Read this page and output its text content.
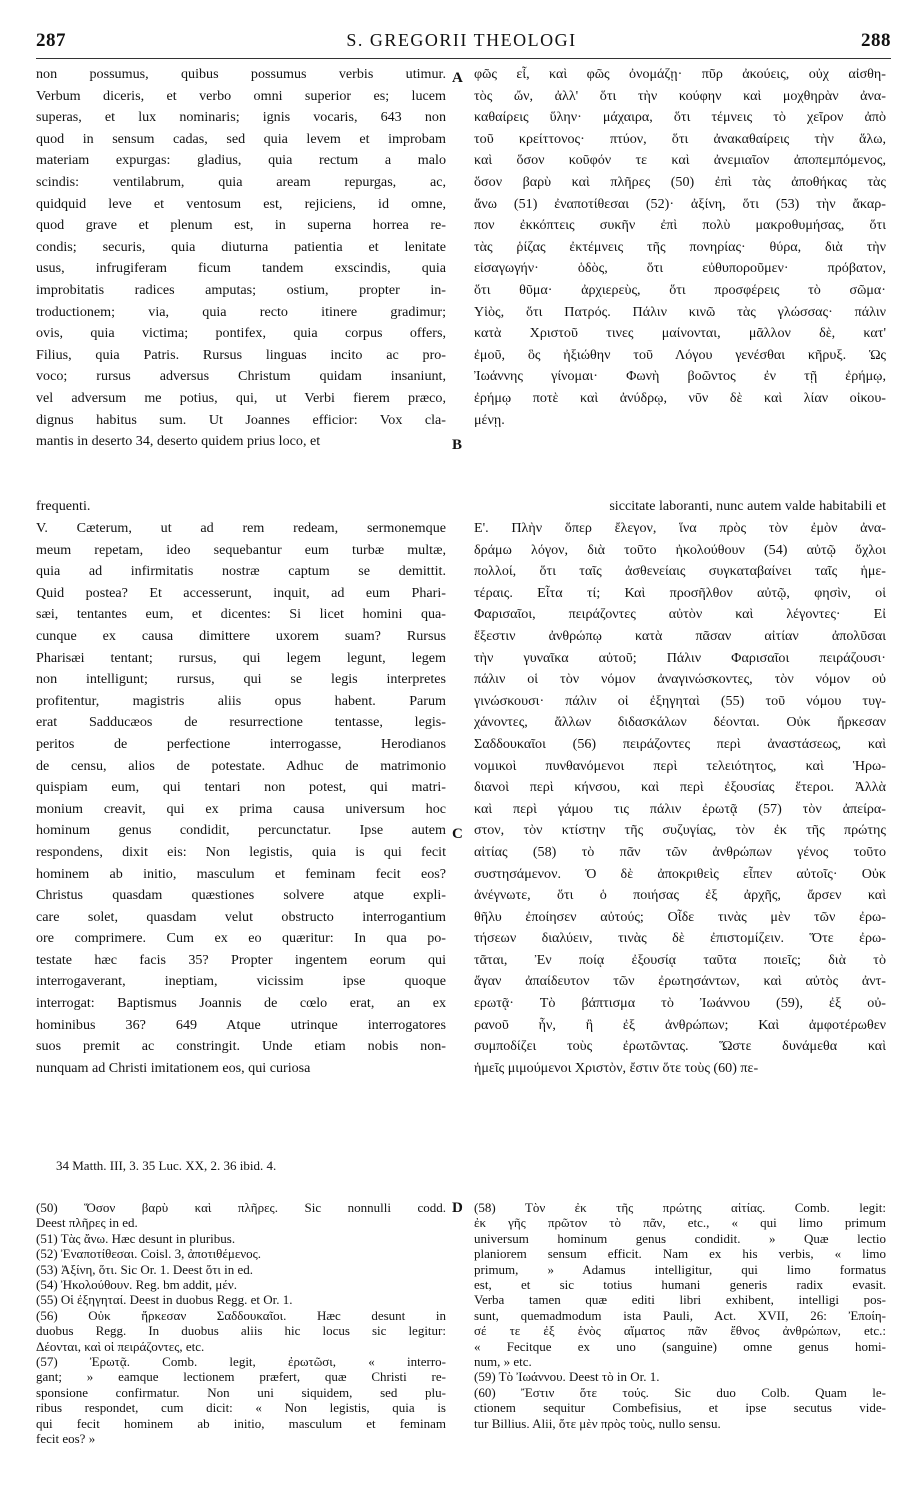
287	S. GREGORII THEOLOGI	288
A
B
C
D
non possumus, quibus possumus verbis utimur.
Verbum diceris, et verbo omni superior es; lucem
superas, et lux nominaris; ignis vocaris, 643 non
quod in sensum cadas, sed quia levem et improbam
materiam expurgas: gladius, quia rectum a malo
scindis: ventilabrum, quia aream repurgas, ac,
quidquid leve et ventosum est, rejiciens, id omne,
quod grave et plenum est, in superna horrea re-
condis; securis, quia diuturna patientia et lenitate
usus, infrugiferam ficum tandem exscindis, quia
improbitatis radices amputas; ostium, propter in-
troductionem; via, quia recto itinere gradimur;
ovis, quia victima; pontifex, quia corpus offers,
Filius, quia Patris. Rursus linguas incito ac pro-
voco; rursus adversus Christum quidam insaniunt,
vel adversum me potius, qui, ut Verbi fierem præco,
dignus habitus sum. Ut Joannes efficior: Vox cla-
mantis in deserto 34, deserto quidem prius loco, et
φῶς εἶ, καὶ φῶς ὀνομάζῃ· πῦρ ἀκούεις, οὐχ αἰσθη-
τὸς ὤν, ἀλλ' ὅτι τὴν κούφην καὶ μοχθηρὰν ἀνα-
καθαίρεις ὕλην· μάχαιρα, ὅτι τέμνεις τὸ χεῖρον ἀπὸ
τοῦ κρείττονος· πτύον, ὅτι ἀνακαθαίρεις τὴν ἅλω,
καὶ ὅσον κοῦφόν τε καὶ ἀνεμιαῖον ἀποπεμπόμενος,
ὅσον βαρὺ καὶ πλῆρες (50) ἐπὶ τὰς ἀποθήκας τὰς
ἄνω (51) ἐναποτίθεσαι (52)· ἀξίνη, ὅτι (53) τὴν ἄκαρ-
πον ἐκκόπτεις συκῆν ἐπὶ πολὺ μακροθυμήσας, ὅτι
τὰς ῥίζας ἐκτέμνεις τῆς πονηρίας· θύρα, διὰ τὴν
εἰσαγωγήν· ὁδὸς, ὅτι εὐθυποροῦμεν· πρόβατον,
ὅτι θῦμα· ἀρχιερεὺς, ὅτι προσφέρεις τὸ σῶμα·
Υἱὸς, ὅτι Πατρός. Πάλιν κινῶ τὰς γλώσσας· πάλιν
κατὰ Χριστοῦ τινες μαίνονται, μᾶλλον δὲ, κατ'
ἐμοῦ, ὃς ἠξιώθην τοῦ Λόγου γενέσθαι κῆρυξ. Ὡς
Ἰωάννης γίνομαι· Φωνὴ βοῶντος ἐν τῇ ἐρήμῳ,
ἐρήμῳ ποτὲ καὶ ἀνύδρῳ, νῦν δὲ καὶ λίαν οἰκου-
μένῃ.
frequenti.	siccitate laboranti, nunc autem valde habitabili et
V. Cæterum, ut ad rem redeam, sermonemque
meum repetam, ideo sequebantur eum turbæ multæ,
quia ad infirmitatis nostræ captum se demittit.
Quid postea? Et accesserunt, inquit, ad eum Phari-
sæi, tentantes eum, et dicentes: Si licet homini qua-
cunque ex causa dimittere uxorem suam? Rursus
Pharisæi tentant; rursus, qui legem legunt, legem
non intelligunt; rursus, qui se legis interpretes
profitentur, magistris aliis opus habent. Parum
erat Sadducæos de resurrectione tentasse, legis-
peritos de perfectione interrogasse, Herodianos
de censu, alios de potestate. Adhuc de matrimonio
quispiam eum, qui tentari non potest, qui matri-
monium creavit, qui ex prima causa universum hoc
hominum genus condidit, percunctatur. Ipse autem
respondens, dixit eis: Non legistis, quia is qui fecit
hominem ab initio, masculum et feminam fecit eos?
Christus quasdam quæstiones solvere atque expli-
care solet, quasdam velut obstructo interrogantium
ore comprimere. Cum ex eo quæritur: In qua po-
testate hæc facis 35? Propter ingentem eorum qui
interrogaverant, ineptiam, vicissim ipse quoque
interrogat: Baptismus Joannis de cœlo erat, an ex
hominibus 36? 649 Atque utrinque interrogatores
suos premit ac constringit. Unde etiam nobis non-
nunquam ad Christi imitationem eos, qui curiosa
Ε'. Πλὴν ὅπερ ἔλεγον, ἵνα πρὸς τὸν ἐμὸν ἀνα-
δράμω λόγον, διὰ τοῦτο ἠκολούθουν (54) αὐτῷ ὄχλοι
πολλοί, ὅτι ταῖς ἀσθενείαις συγκαταβαίνει ταῖς ἡμε-
τέραις. Εἶτα τί; Καὶ προσῆλθον αὐτῷ, φησὶν, οἱ
Φαρισαῖοι, πειράζοντες αὐτὸν καὶ λέγοντες· Εἰ
ἔξεστιν ἀνθρώπῳ κατὰ πᾶσαν αἰτίαν ἀπολῦσαι
τὴν γυναῖκα αὐτοῦ; Πάλιν Φαρισαῖοι πειράζουσι·
πάλιν οἱ τὸν νόμον ἀναγινώσκοντες, τὸν νόμον οὐ
γινώσκουσι· πάλιν οἱ ἐξηγηταὶ (55) τοῦ νόμου τυγ-
χάνοντες, ἄλλων διδασκάλων δέονται. Οὐκ ἤρκεσαν
Σαδδουκαῖοι (56) πειράζοντες περὶ ἀναστάσεως, καὶ
νομικοὶ πυνθανόμενοι περὶ τελειότητος, καὶ Ἡρω-
διανοὶ περὶ κήνσου, καὶ περὶ ἐξουσίας ἕτεροι. Ἀλλὰ
καὶ περὶ γάμου τις πάλιν ἐρωτᾷ (57) τὸν ἀπείρα-
στον, τὸν κτίστην τῆς συζυγίας, τὸν ἐκ τῆς πρώτης
αἰτίας (58) τὸ πᾶν τῶν ἀνθρώπων γένος τοῦτο
συστησάμενον. Ὁ δὲ ἀποκριθεὶς εἶπεν αὐτοῖς· Οὐκ
ἀνέγνωτε, ὅτι ὁ ποιήσας ἐξ ἀρχῆς, ἄρσεν καὶ
θῆλυ ἐποίησεν αὐτούς; Οἶδε τινὰς μὲν τῶν ἐρω-
τήσεων διαλύειν, τινὰς δὲ ἐπιστομίζειν. Ὅτε ἐρω-
τᾶται, Ἐν ποίᾳ ἐξουσίᾳ ταῦτα ποιεῖς; διὰ τὸ
ἄγαν ἀπαίδευτον τῶν ἐρωτησάντων, καὶ αὐτὸς ἀντ-
ερωτᾷ· Τὸ βάπτισμα τὸ Ἰωάννου (59), ἐξ οὐ-
ρανοῦ ἦν, ἢ ἐξ ἀνθρώπων; Καὶ ἀμφοτέρωθεν
συμποδίζει τοὺς ἐρωτῶντας. Ὥστε δυνάμεθα καὶ
ἡμεῖς μιμούμενοι Χριστὸν, ἔστιν ὅτε τοὺς (60) πε-
34 Matth. III, 3. 35 Luc. XX, 2. 36 ibid. 4.
(50) Ὅσον βαρὺ καὶ πλῆρες. Sic nonnulli codd.
Deest πλῆρες in ed.
(51) Τὰς ἄνω. Hæc desunt in pluribus.
(52) Ἐναποτίθεσαι. Coisl. 3, ἀποτιθέμενος.
(53) Ἀξίνη, ὅτι. Sic Or. 1. Deest ὅτι in ed.
(54) Ἠκολούθουν. Reg. bm addit, μέν.
(55) Οἱ ἐξηγηταί. Deest in duobus Regg. et Or. 1.
(56) Οὐκ ἤρκεσαν Σαδδουκαῖοι. Hæc desunt in
duobus Regg. In duobus aliis hic locus sic legitur:
Δέονται, καὶ οἱ πειράζοντες, etc.
(57) Ἐρωτᾷ. Comb. legit, ἐρωτῶσι, « interro-
gant; » eamque lectionem præfert, quæ Christi re-
sponsione confirmatur. Non uni siquidem, sed plu-
ribus respondet, cum dicit: « Non legistis, quia is
qui fecit hominem ab initio, masculum et feminam
fecit eos? »
(58) Τὸν ἐκ τῆς πρώτης αἰτίας. Comb. legit:
ἐκ γῆς πρῶτον τὸ πᾶν, etc., « qui limo primum
universum hominum genus condidit. » Quæ lectio
planiorem sensum efficit. Nam ex his verbis, « limo
primum, » Adamus intelligitur, qui limo formatus
est, et sic totius humani generis radix evasit.
Verba tamen quæ editi libri exhibent, intelligi pos-
sunt, quemadmodum ista Pauli, Act. XVII, 26: Ἐποίη-
σέ τε ἐξ ἑνὸς αἵματος πᾶν ἔθνος ἀνθρώπων, etc.:
« Fecitque ex uno (sanguine) omne genus homi-
num, » etc.
(59) Τὸ Ἰωάννου. Deest τὸ in Or. 1.
(60) Ἔστιν ὅτε τούς. Sic duo Colb. Quam le-
ctionem sequitur Combefisius, et ipse secutus vide-
tur Billius. Alii, ὅτε μὲν πρὸς τοὺς, nullo sensu.
